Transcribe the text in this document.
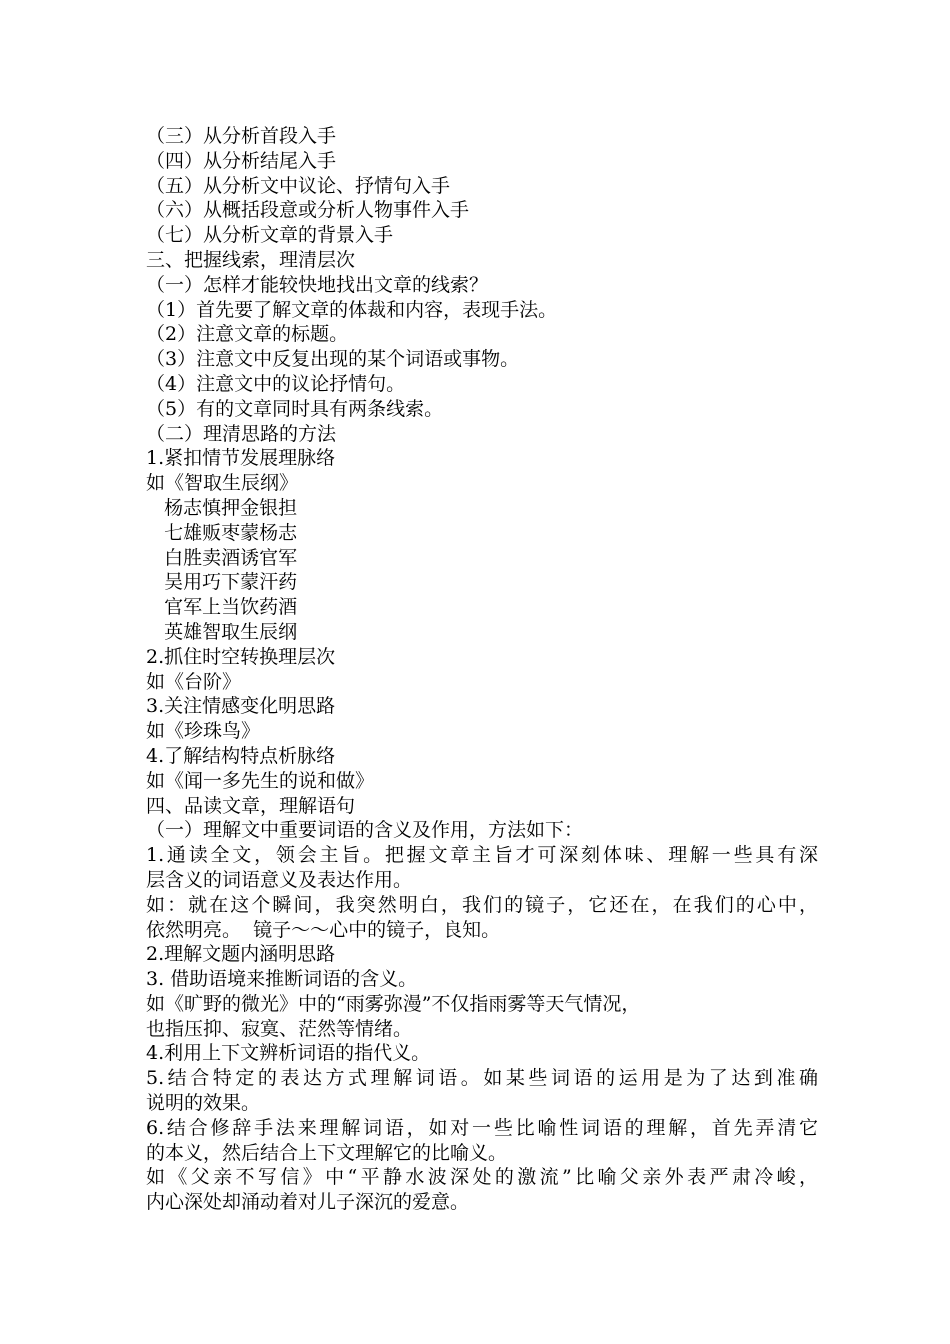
（三）从分析首段入手
（四）从分析结尾入手
（五）从分析文中议论、抒情句入手
（六）从概括段意或分析人物事件入手
（七）从分析文章的背景入手
三、把握线索，理清层次
（一）怎样才能较快地找出文章的线索？
（1）首先要了解文章的体裁和内容，表现手法。
（2）注意文章的标题。
（3）注意文中反复出现的某个词语或事物。
（4）注意文中的议论抒情句。
（5）有的文章同时具有两条线索。
（二）理清思路的方法
1.紧扣情节发展理脉络
如《智取生辰纲》
杨志慎押金银担
七雄贩枣蒙杨志
白胜卖酒诱官军
吴用巧下蒙汗药
官军上当饮药酒
英雄智取生辰纲
2.抓住时空转换理层次
如《台阶》
3.关注情感变化明思路
如《珍珠鸟》
4.了解结构特点析脉络
如《闻一多先生的说和做》
四、品读文章，理解语句
（一）理解文中重要词语的含义及作用，方法如下：
1.通读全文，领会主旨。把握文章主旨才可深刻体味、理解一些具有深
层含义的词语意义及表达作用。
如：就在这个瞬间，我突然明白，我们的镜子，它还在，在我们的心中，
依然明亮。  镜子～～心中的镜子，良知。
2.理解文题内涵明思路
3. 借助语境来推断词语的含义。
如《旷野的微光》中的“雨雾弥漫”不仅指雨雾等天气情况，
也指压抑、寂寞、茫然等情绪。
4.利用上下文辨析词语的指代义。
5.结合特定的表达方式理解词语。如某些词语的运用是为了达到准确
说明的效果。
6.结合修辞手法来理解词语，如对一些比喻性词语的理解，首先弄清它
的本义，然后结合上下文理解它的比喻义。
如《父亲不写信》中“平静水波深处的激流”比喻父亲外表严肃冷峻，
内心深处却涌动着对儿子深沉的爱意。
